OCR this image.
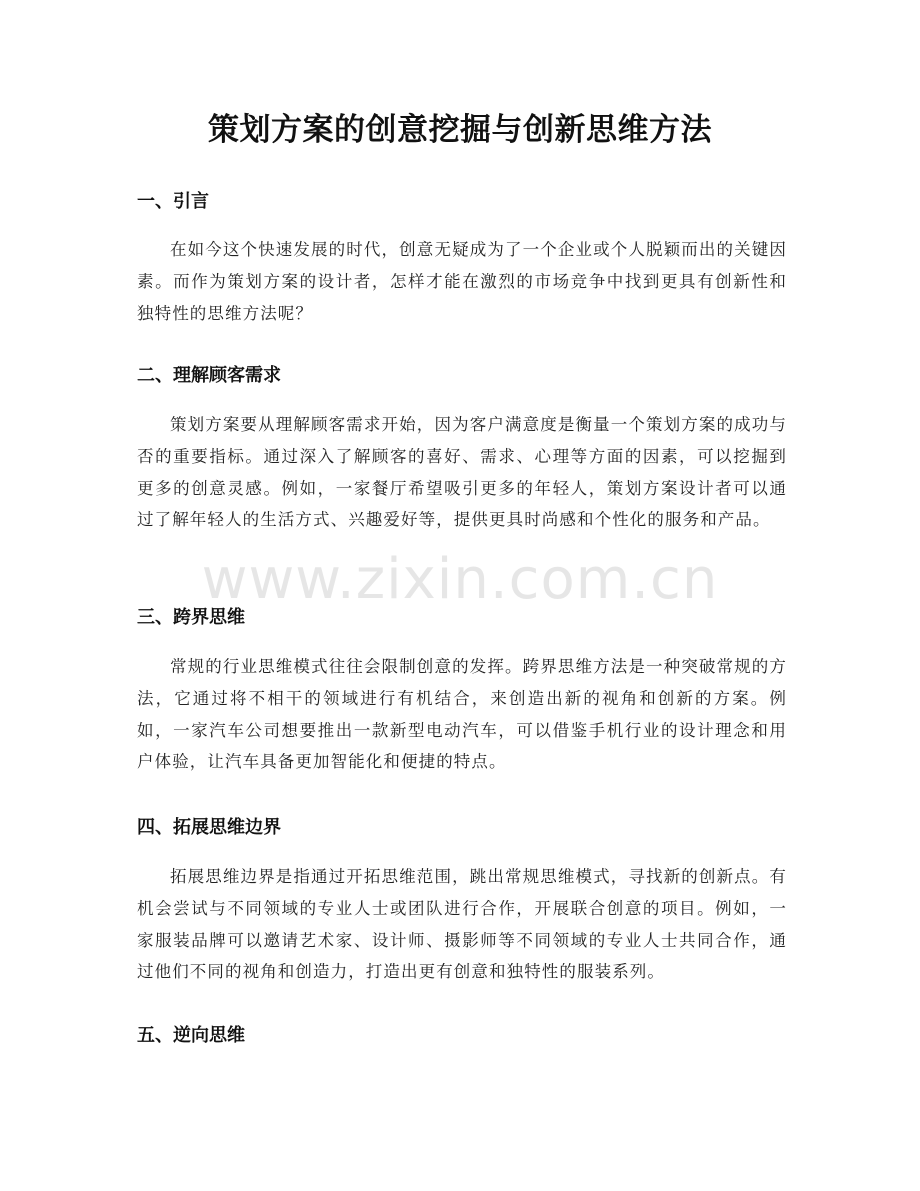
策划方案的创意挖掘与创新思维方法
一、引言

在如今这个快速发展的时代，创意无疑成为了一个企业或个人脱颖而出的关键因素。而作为策划方案的设计者，怎样才能在激烈的市场竞争中找到更具有创新性和独特性的思维方法呢？

二、理解顾客需求

策划方案要从理解顾客需求开始，因为客户满意度是衡量一个策划方案的成功与否的重要指标。通过深入了解顾客的喜好、需求、心理等方面的因素，可以挖掘到更多的创意灵感。例如，一家餐厅希望吸引更多的年轻人，策划方案设计者可以通过了解年轻人的生活方式、兴趣爱好等，提供更具时尚感和个性化的服务和产品。

三、跨界思维

常规的行业思维模式往往会限制创意的发挥。跨界思维方法是一种突破常规的方法，它通过将不相干的领域进行有机结合，来创造出新的视角和创新的方案。例如，一家汽车公司想要推出一款新型电动汽车，可以借鉴手机行业的设计理念和用户体验，让汽车具备更加智能化和便捷的特点。

四、拓展思维边界

拓展思维边界是指通过开拓思维范围，跳出常规思维模式，寻找新的创新点。有机会尝试与不同领域的专业人士或团队进行合作，开展联合创意的项目。例如，一家服装品牌可以邀请艺术家、设计师、摄影师等不同领域的专业人士共同合作，通过他们不同的视角和创造力，打造出更有创意和独特性的服装系列。

五、逆向思维
www.zixin.com.cn
